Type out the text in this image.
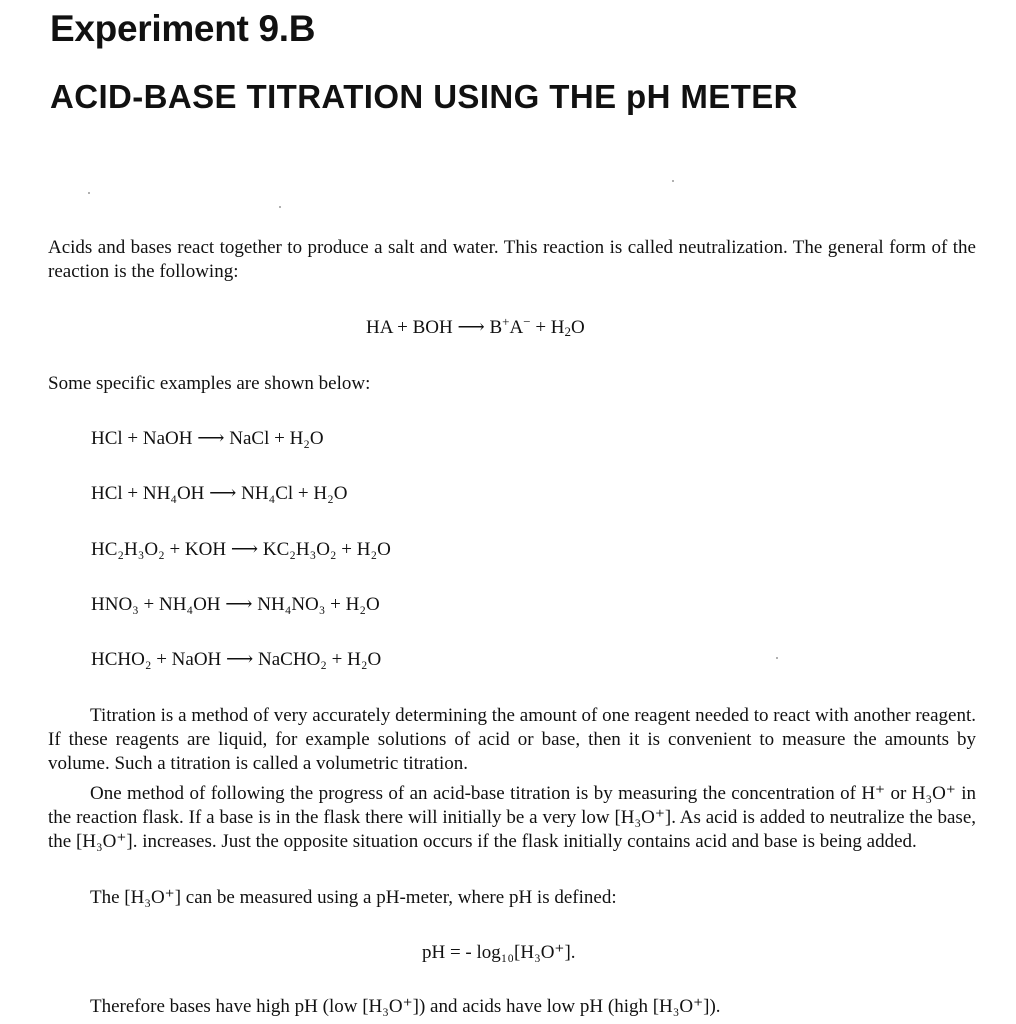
Experiment 9.B
ACID-BASE TITRATION USING THE pH METER

Acids and bases react together to produce a salt and water. This reaction is called neutralization. The general form of the reaction is the following:

HA + BOH ⟶ $B^+A^- + H_2O$
Some specific examples are shown below:
HCl + NaOH ⟶ NaCl + H₂O
HCl + NH₄OH ⟶ NH₄Cl + H₂O
HC₂H₃O₂ + KOH ⟶ KC₂H₃O₂ + H₂O
HNO₃ + NH₄OH ⟶ NH₄NO₃ + H₂O
HCHO₂ + NaOH ⟶ NaCHO₂ + H₂O

Titration is a method of very accurately determining the amount of one reagent needed to react with another reagent. If these reagents are liquid, for example solutions of acid or base, then it is convenient to measure the amounts by volume. Such a titration is called a volumetric titration.

One method of following the progress of an acid-base titration is by measuring the concentration of H⁺ or H₃O⁺ in the reaction flask. If a base is in the flask there will initially be a very low [H₃O⁺]. As acid is added to neutralize the base, the [H₃O⁺]. increases. Just the opposite situation occurs if the flask initially contains acid and base is being added.

The [H₃O⁺] can be measured using a pH-meter, where pH is defined:
pH = - log₁₀[H₃O⁺].
Therefore bases have high pH (low [H₃O⁺]) and acids have low pH (high [H₃O⁺]).
